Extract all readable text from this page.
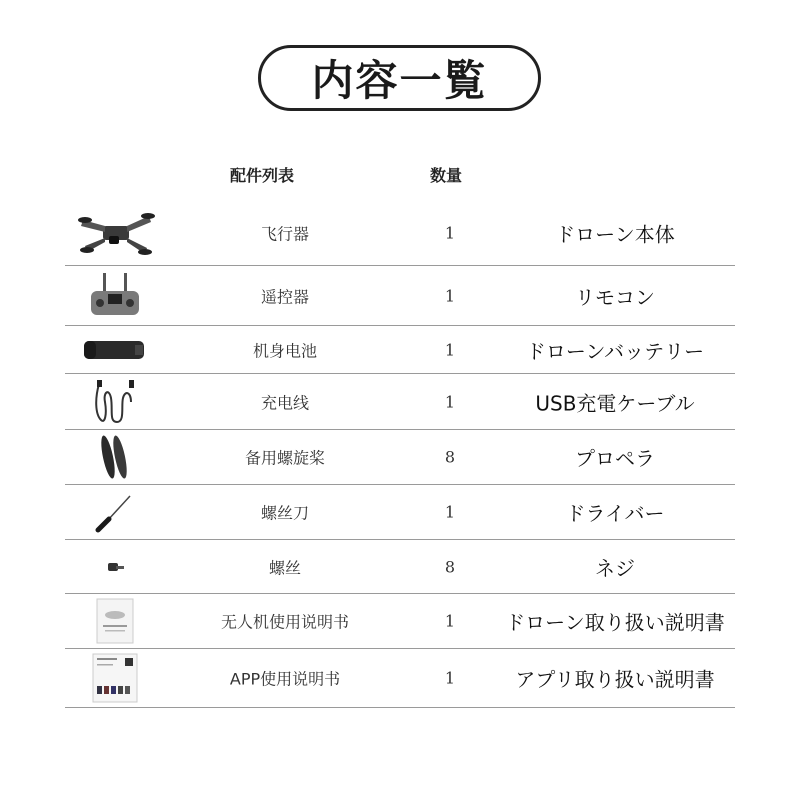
内容一覧
配件列表	数量
飞行器	1	ドローン本体
遥控器	1	リモコン
机身电池	1	ドローンバッテリー
充电线	1	USB充電ケーブル
备用螺旋桨	8	プロペラ
螺丝刀	1	ドライバー
螺丝	8	ネジ
无人机使用说明书	1	ドローン取り扱い説明書
APP使用说明书	1	アプリ取り扱い説明書
